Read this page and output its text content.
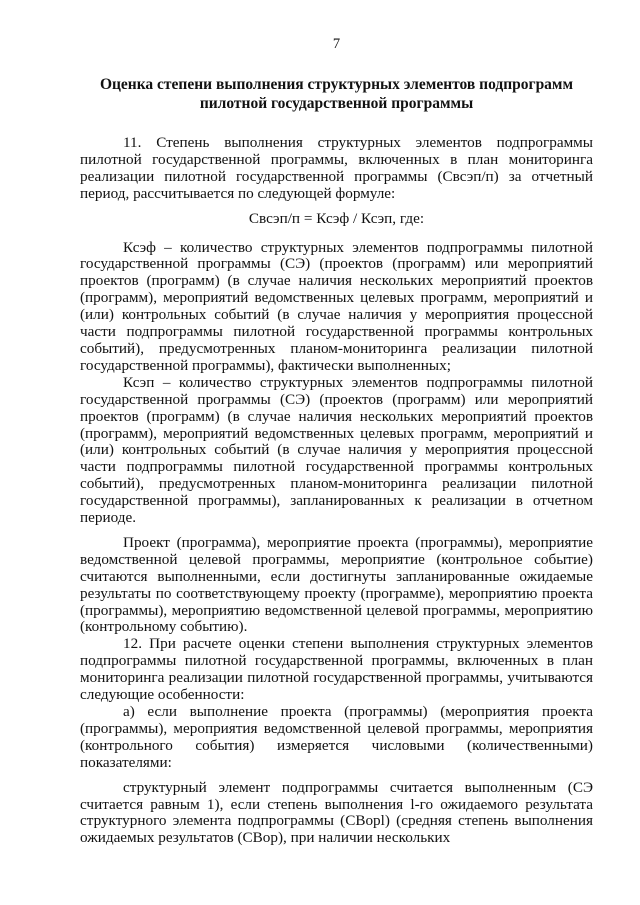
7
Оценка степени выполнения структурных элементов подпрограмм
пилотной государственной программы

11. Степень выполнения структурных элементов подпрограммы пилотной государственной программы, включенных в план мониторинга реализации пилотной государственной программы (Свсэп/п) за отчетный период, рассчитывается по следующей формуле:

Свсэп/п = Ксэф / Ксэп, где:

Ксэф – количество структурных элементов подпрограммы пилотной государственной программы (СЭ) (проектов (программ) или мероприятий проектов (программ) (в случае наличия нескольких мероприятий проектов (программ), мероприятий ведомственных целевых программ, мероприятий и (или) контрольных событий (в случае наличия у мероприятия процессной части подпрограммы пилотной государственной программы контрольных событий), предусмотренных планом-мониторинга реализации пилотной государственной программы), фактически выполненных;

Ксэп – количество структурных элементов подпрограммы пилотной государственной программы (СЭ) (проектов (программ) или мероприятий проектов (программ) (в случае наличия нескольких мероприятий проектов (программ), мероприятий ведомственных целевых программ, мероприятий и (или) контрольных событий (в случае наличия у мероприятия процессной части подпрограммы пилотной государственной программы контрольных событий), предусмотренных планом-мониторинга реализации пилотной государственной программы), запланированных к реализации в отчетном периоде.

Проект (программа), мероприятие проекта (программы), мероприятие ведомственной целевой программы, мероприятие (контрольное событие) считаются выполненными, если достигнуты запланированные ожидаемые результаты по соответствующему проекту (программе), мероприятию проекта (программы), мероприятию ведомственной целевой программы, мероприятию (контрольному событию).

12. При расчете оценки степени выполнения структурных элементов подпрограммы пилотной государственной программы, включенных в план мониторинга реализации пилотной государственной программы, учитываются следующие особенности:

а) если выполнение проекта (программы) (мероприятия проекта (программы), мероприятия ведомственной целевой программы, мероприятия (контрольного события) измеряется числовыми (количественными) показателями:

структурный элемент подпрограммы считается выполненным (СЭ считается равным 1), если степень выполнения l-го ожидаемого результата структурного элемента подпрограммы (СВорl) (средняя степень выполнения ожидаемых результатов (СВор), при наличии нескольких
